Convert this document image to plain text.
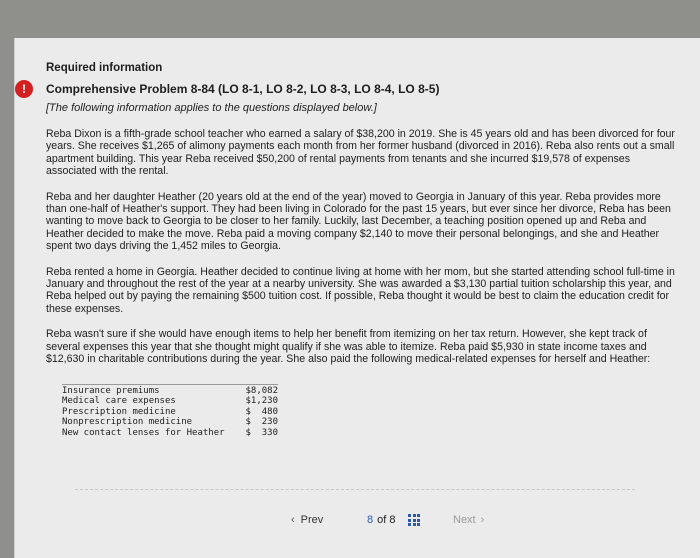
!
Required information
Comprehensive Problem 8-84 (LO 8-1, LO 8-2, LO 8-3, LO 8-4, LO 8-5)
[The following information applies to the questions displayed below.]

Reba Dixon is a fifth-grade school teacher who earned a salary of $38,200 in 2019. She is 45 years old and has been divorced for four years. She receives $1,265 of alimony payments each month from her former husband (divorced in 2016). Reba also rents out a small apartment building. This year Reba received $50,200 of rental payments from tenants and she incurred $19,578 of expenses associated with the rental.

Reba and her daughter Heather (20 years old at the end of the year) moved to Georgia in January of this year. Reba provides more than one-half of Heather's support. They had been living in Colorado for the past 15 years, but ever since her divorce, Reba has been wanting to move back to Georgia to be closer to her family. Luckily, last December, a teaching position opened up and Reba and Heather decided to make the move. Reba paid a moving company $2,140 to move their personal belongings, and she and Heather spent two days driving the 1,452 miles to Georgia.

Reba rented a home in Georgia. Heather decided to continue living at home with her mom, but she started attending school full-time in January and throughout the rest of the year at a nearby university. She was awarded a $3,130 partial tuition scholarship this year, and Reba helped out by paying the remaining $500 tuition cost. If possible, Reba thought it would be best to claim the education credit for these expenses.

Reba wasn't sure if she would have enough items to help her benefit from itemizing on her tax return. However, she kept track of several expenses this year that she thought might qualify if she was able to itemize. Reba paid $5,930 in state income taxes and $12,630 in charitable contributions during the year. She also paid the following medical-related expenses for herself and Heather:

Insurance premiums	$8,082
Medical care expenses	$1,230
Prescription medicine	$  480
Nonprescription medicine	$  230
New contact lenses for Heather $  330
‹ Prev	8 of 8	Next ›
